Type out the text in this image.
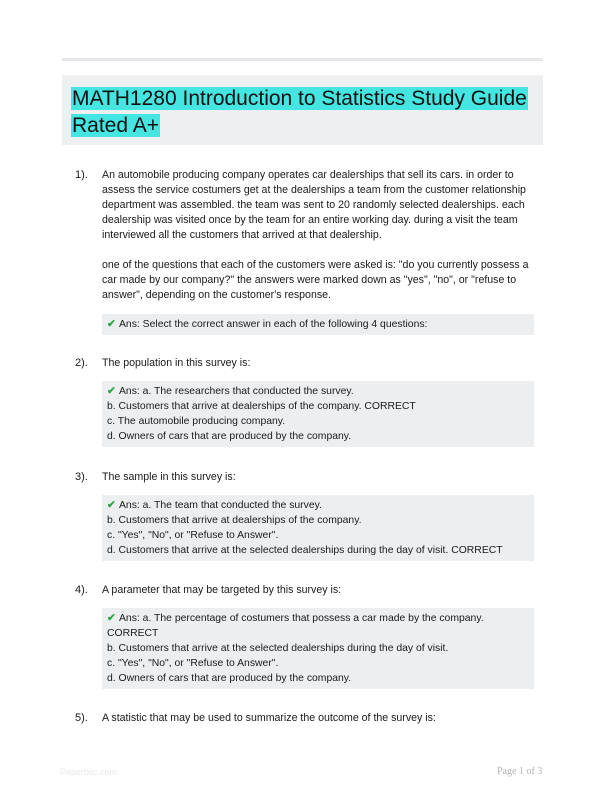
MATH1280 Introduction to Statistics Study Guide Rated A+

1). An automobile producing company operates car dealerships that sell its cars. in order to assess the service costumers get at the dealerships a team from the customer relationship department was assembled. the team was sent to 20 randomly selected dealerships. each dealership was visited once by the team for an entire working day. during a visit the team interviewed all the customers that arrived at that dealership.

one of the questions that each of the customers were asked is: "do you currently possess a car made by our company?" the answers were marked down as "yes", "no", or "refuse to answer", depending on the customer's response.

✔ Ans: Select the correct answer in each of the following 4 questions:

2). The population in this survey is:

✔ Ans: a. The researchers that conducted the survey.

b. Customers that arrive at dealerships of the company. CORRECT

c. The automobile producing company.

d. Owners of cars that are produced by the company.

3). The sample in this survey is:

✔ Ans: a. The team that conducted the survey.

b. Customers that arrive at dealerships of the company.

c. "Yes", "No", or "Refuse to Answer".

d. Customers that arrive at the selected dealerships during the day of visit. CORRECT

4). A parameter that may be targeted by this survey is:

✔ Ans: a. The percentage of costumers that possess a car made by the company.

CORRECT

b. Customers that arrive at the selected dealerships during the day of visit.

c. "Yes", "No", or "Refuse to Answer".

d. Owners of cars that are produced by the company.

5). A statistic that may be used to summarize the outcome of the survey is:

Paperblic.com	Page 1 of 3
